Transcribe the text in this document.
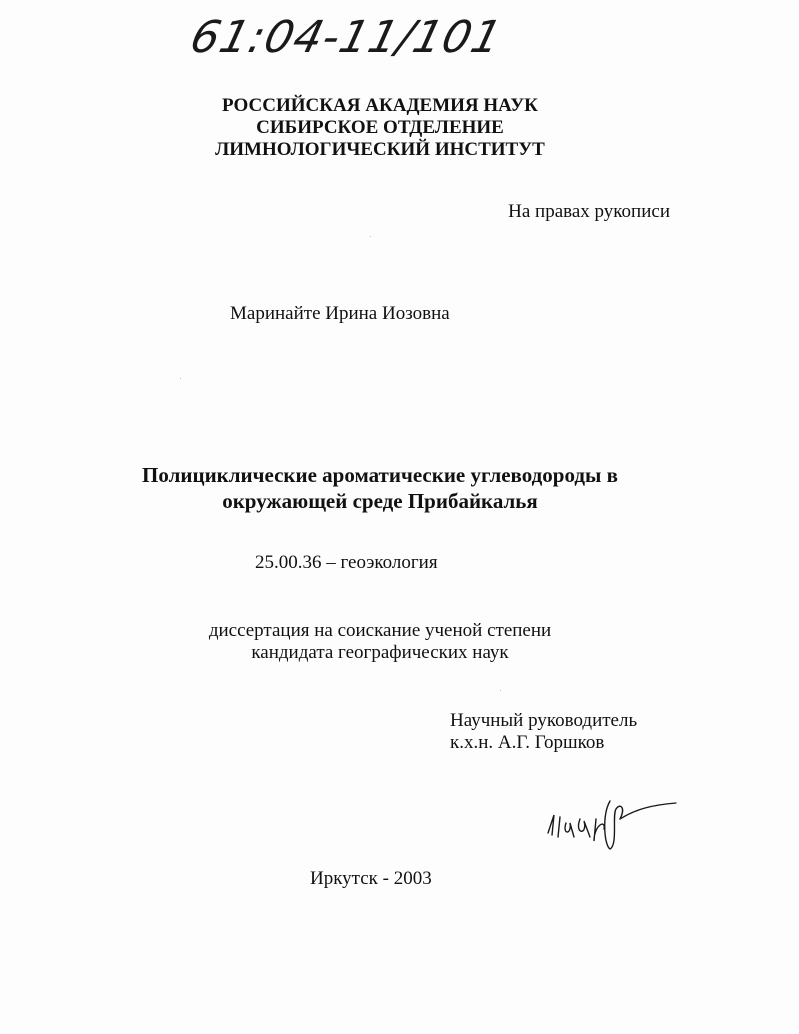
61:04-11/101
РОССИЙСКАЯ АКАДЕМИЯ НАУК
СИБИРСКОЕ ОТДЕЛЕНИЕ
ЛИМНОЛОГИЧЕСКИЙ ИНСТИТУТ
На правах рукописи
Маринайте Ирина Иозовна
Полициклические ароматические углеводороды в
окружающей среде Прибайкалья
25.00.36 – геоэкология
диссертация на соискание ученой степени
кандидата географических наук
Научный руководитель
к.х.н. А.Г. Горшков
Иркутск - 2003
